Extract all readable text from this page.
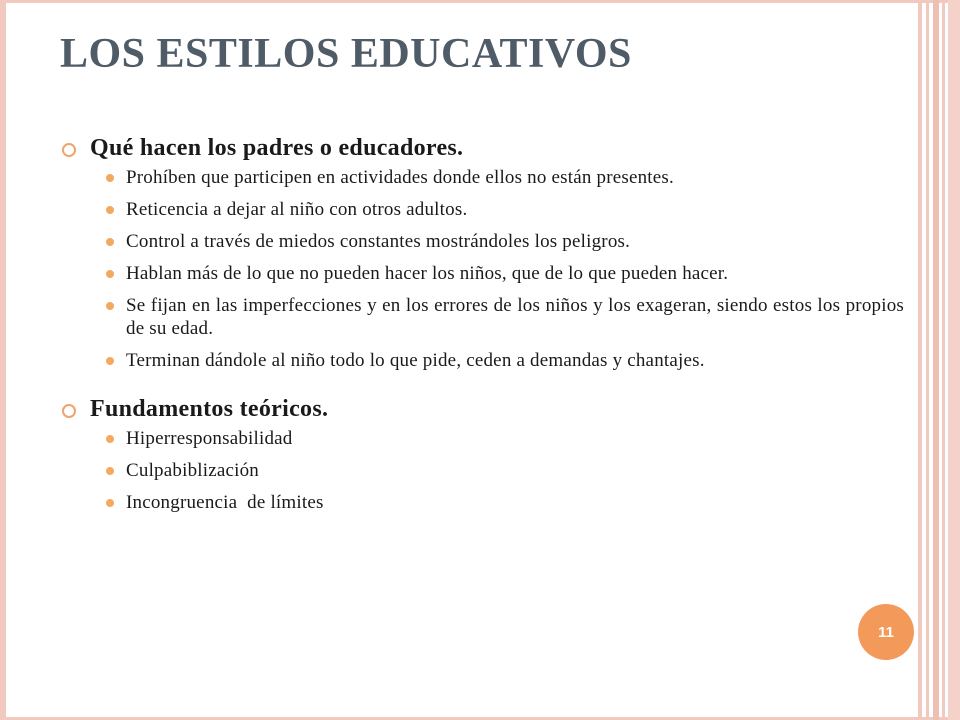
LOS ESTILOS EDUCATIVOS
Qué hacen los padres o educadores.
Prohíben que participen en actividades donde ellos no están presentes.
Reticencia a dejar al niño con otros adultos.
Control a través de miedos constantes mostrándoles los peligros.
Hablan más de lo que no pueden hacer los niños, que de lo que pueden hacer.
Se fijan en las imperfecciones y en los errores de los niños y los exageran, siendo estos los propios de su edad.
Terminan dándole al niño todo lo que pide, ceden a demandas y chantajes.
Fundamentos teóricos.
Hiperresponsabilidad
Culpabiblización
Incongruencia  de límites
11
